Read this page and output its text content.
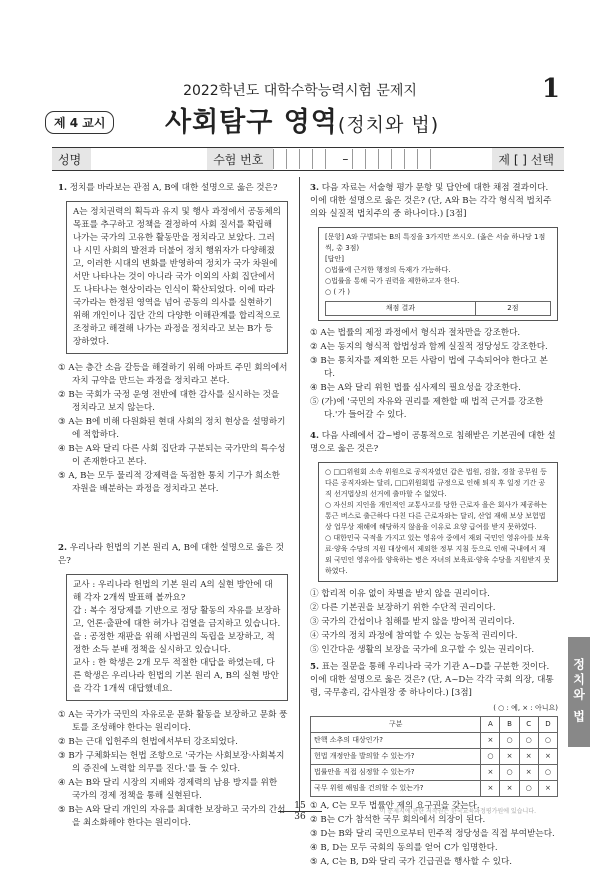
2022학년도 대학수학능력시험 문제지	1
제 4 교시	사회탐구 영역(정치와 법)
성명	수험 번호	–	제 [ ] 선택
1. 정치를 바라보는 관점 A, B에 대한 설명으로 옳은 것은?
A는 정치권력의 획득과 유지 및 행사 과정에서 공동체의 목표를 추구하고 정책을 결정하여 사회 질서를 확립해 나가는 국가의 고유한 활동만을 정치라고 보았다. 그러나 시민 사회의 발전과 더불어 정치 행위자가 다양해졌고, 이러한 시대의 변화를 반영하여 정치가 국가 차원에서만 나타나는 것이 아니라 국가 이외의 사회 집단에서도 나타나는 현상이라는 인식이 확산되었다. 이에 따라 국가라는 한정된 영역을 넘어 공동의 의사를 실현하기 위해 개인이나 집단 간의 다양한 이해관계를 합리적으로 조정하고 해결해 나가는 과정을 정치라고 보는 B가 등장하였다.
① A는 층간 소음 갈등을 해결하기 위해 아파트 주민 회의에서 자치 규약을 만드는 과정을 정치라고 본다.
② B는 국회가 국정 운영 전반에 대한 감사를 실시하는 것을 정치라고 보지 않는다.
③ A는 B에 비해 다원화된 현대 사회의 정치 현상을 설명하기에 적합하다.
④ B는 A와 달리 다른 사회 집단과 구분되는 국가만의 특수성이 존재한다고 본다.
⑤ A, B는 모두 물리적 강제력을 독점한 통치 기구가 희소한 자원을 배분하는 과정을 정치라고 본다.
2. 우리나라 헌법의 기본 원리 A, B에 대한 설명으로 옳은 것은?
교사 : 우리나라 헌법의 기본 원리 A의 실현 방안에 대해 각자 2개씩 발표해 볼까요?
갑 : 복수 정당제를 기반으로 정당 활동의 자유를 보장하고, 언론·출판에 대한 허가나 검열을 금지하고 있습니다.
을 : 공정한 재판을 위해 사법권의 독립을 보장하고, 적정한 소득 분배 정책을 실시하고 있습니다.
교사 : 한 학생은 2개 모두 적절한 대답을 하였는데, 다른 학생은 우리나라 헌법의 기본 원리 A, B의 실현 방안을 각각 1개씩 대답했네요.
① A는 국가가 국민의 자유로운 문화 활동을 보장하고 문화 풍토를 조성해야 한다는 원리이다.
② B는 근대 입헌주의 헌법에서부터 강조되었다.
③ B가 구체화되는 헌법 조항으로 '국가는 사회보장·사회복지의 증진에 노력할 의무를 진다.'를 들 수 있다.
④ A는 B와 달리 시장의 지배와 경제력의 남용 방지를 위한 국가의 경제 정책을 통해 실현된다.
⑤ B는 A와 달리 개인의 자유를 최대한 보장하고 국가의 간섭을 최소화해야 한다는 원리이다.
3. 다음 자료는 서술형 평가 문항 및 답안에 대한 채점 결과이다. 이에 대한 설명으로 옳은 것은? (단, A와 B는 각각 형식적 법치주의와 실질적 법치주의 중 하나이다.) [3점]
[문항] A와 구별되는 B의 특징을 3가지만 쓰시오. (옳은 서술 하나당 1점씩, 총 3점)
[답안]
○법률에 근거한 행정의 독재가 가능하다.
○법률을 통해 국가 권력을 제한하고자 한다.
○ ( 가 )
채점 결과	2점
① A는 법률의 제정 과정에서 형식과 절차만을 강조한다.
② A는 동지의 형식적 합법성과 함께 실질적 정당성도 강조한다.
③ B는 통치자를 제외한 모든 사람이 법에 구속되어야 한다고 본다.
④ B는 A와 달리 위헌 법률 심사제의 필요성을 강조한다.
⑤ (가)에 '국민의 자유와 권리를 제한할 때 법적 근거를 강조한다.'가 들어갈 수 있다.
4. 다음 사례에서 갑~병이 공통적으로 침해받은 기본권에 대한 설명으로 옳은 것은?
○ □□위원회 소속 위원으로 공직자였던 갑은 법원, 검찰, 경찰 공무원 등 다른 공직자와는 달리, □□위원회법 규정으로 인해 퇴직 후 일정 기간 공직 선거법상의 선거에 출마할 수 없었다.
○ 자신의 지인을 개인적인 교통사고를 당한 근로자 을은 회사가 제공하는 통근 버스로 출근하다 다친 다른 근로자와는 달리, 산업 재해 보상 보험법상 업무상 재해에 해당하지 않음을 이유로 요양 급여를 받지 못하였다.
○ 대한민국 국적을 가지고 있는 영유아 중에서 재외 국민인 영유아를 보육료·양육 수당의 지원 대상에서 제외한 정부 지침 등으로 인해 국내에서 재외 국민인 영유아를 양육하는 병은 자녀의 보육료·양육 수당을 지원받지 못하였다.
① 합리적 이유 없이 차별을 받지 않을 권리이다.
② 다른 기본권을 보장하기 위한 수단적 권리이다.
③ 국가의 간섭이나 침해를 받지 않을 방어적 권리이다.
④ 국가의 정치 과정에 참여할 수 있는 능동적 권리이다.
⑤ 인간다운 생활의 보장을 국가에 요구할 수 있는 권리이다.
5. 표는 질문을 통해 우리나라 국가 기관 A~D를 구분한 것이다. 이에 대한 설명으로 옳은 것은? (단, A~D는 각각 국회 의장, 대통령, 국무총리, 감사원장 중 하나이다.) [3점]
( ○ : 예, × : 아니요)
구분	A	B	C	D
탄핵 소추의 대상인가?	×	○	○	○
헌법 개정안을 발의할 수 있는가?	○	×	×	×
법률안을 직접 심정할 수 있는가?	×	○	×	○
국무 위원 해임을 건의할 수 있는가?	×	×	○	×
① A, C는 모두 법률안 제의 요구권을 갖는다.
② B는 C가 참석한 국무 회의에서 의장이 된다.
③ D는 B와 달리 국민으로부터 민주적 정당성을 직접 부여받는다.
④ B, D는 모두 국회의 동의를 얻어 C가 임명한다.
⑤ A, C는 B, D와 달리 국가 긴급권을 행사할 수 있다.
정치와 법
15
36
이 문제지에 관한 저작권은 한국교육과정평가원에 있습니다.
